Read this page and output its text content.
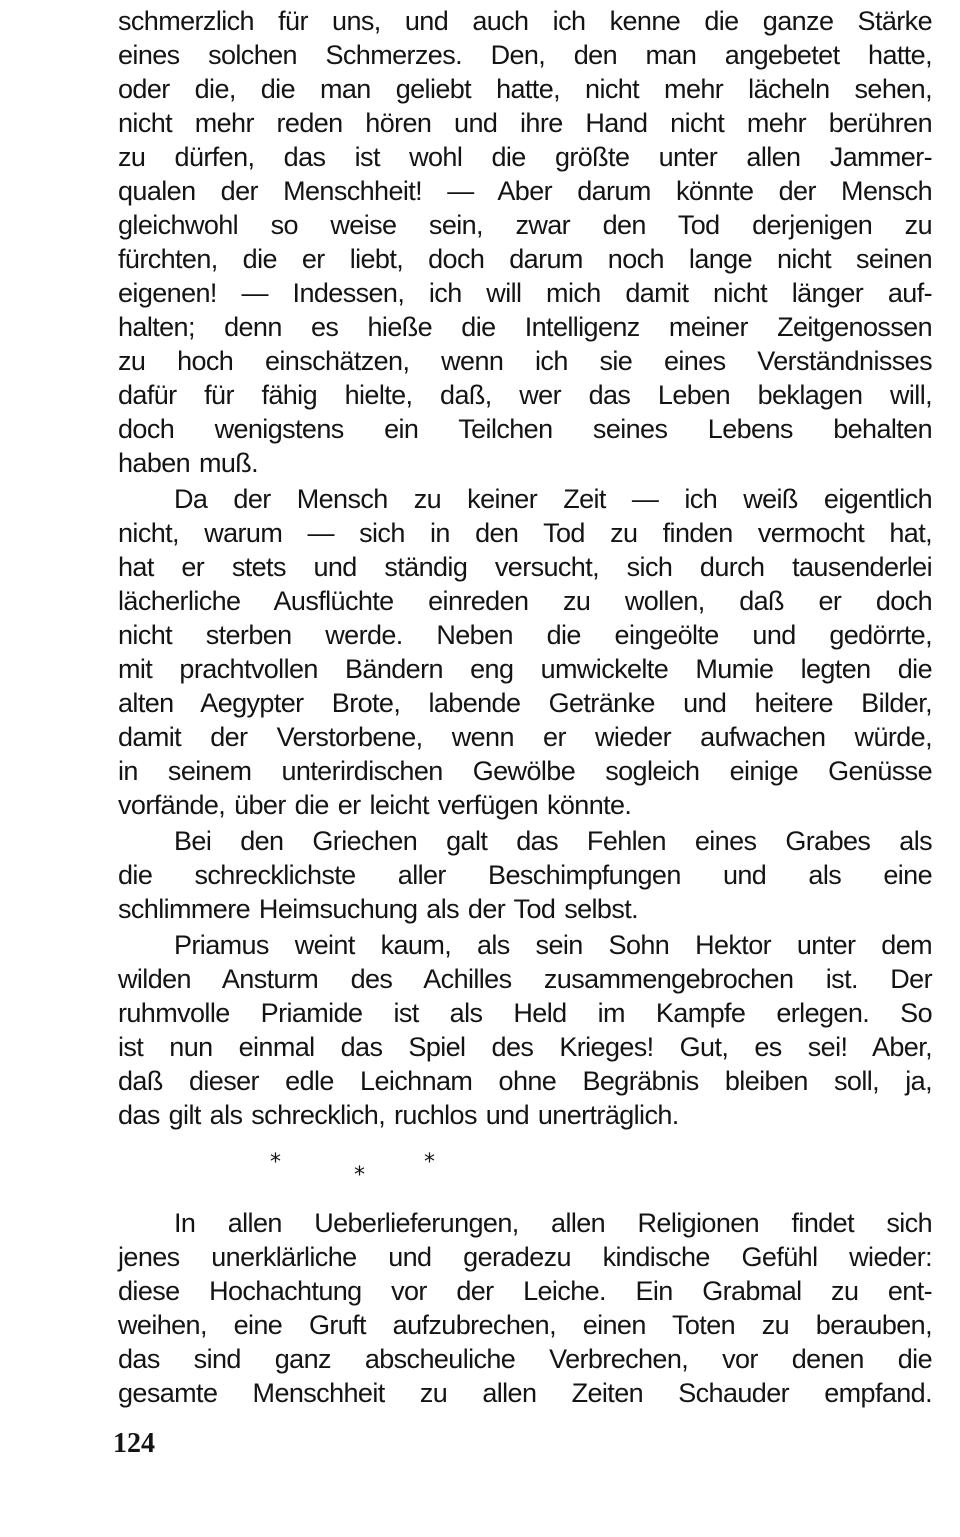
schmerzlich für uns, und auch ich kenne die ganze Stärke
eines solchen Schmerzes. Den, den man angebetet hatte,
oder die, die man geliebt hatte, nicht mehr lächeln sehen,
nicht mehr reden hören und ihre Hand nicht mehr berühren
zu dürfen, das ist wohl die größte unter allen Jammer-
qualen der Menschheit! — Aber darum könnte der Mensch
gleichwohl so weise sein, zwar den Tod derjenigen zu
fürchten, die er liebt, doch darum noch lange nicht seinen
eigenen! — Indessen, ich will mich damit nicht länger auf-
halten; denn es hieße die Intelligenz meiner Zeitgenossen
zu hoch einschätzen, wenn ich sie eines Verständnisses
dafür für fähig hielte, daß, wer das Leben beklagen will,
doch wenigstens ein Teilchen seines Lebens behalten
haben muß.
Da der Mensch zu keiner Zeit — ich weiß eigentlich
nicht, warum — sich in den Tod zu finden vermocht hat,
hat er stets und ständig versucht, sich durch tausenderlei
lächerliche Ausflüchte einreden zu wollen, daß er doch
nicht sterben werde. Neben die eingeölte und gedörrte,
mit prachtvollen Bändern eng umwickelte Mumie legten die
alten Aegypter Brote, labende Getränke und heitere Bilder,
damit der Verstorbene, wenn er wieder aufwachen würde,
in seinem unterirdischen Gewölbe sogleich einige Genüsse
vorfände, über die er leicht verfügen könnte.
Bei den Griechen galt das Fehlen eines Grabes als
die schrecklichste aller Beschimpfungen und als eine
schlimmere Heimsuchung als der Tod selbst.
Priamus weint kaum, als sein Sohn Hektor unter dem
wilden Ansturm des Achilles zusammengebrochen ist. Der
ruhmvolle Priamide ist als Held im Kampfe erlegen. So
ist nun einmal das Spiel des Krieges! Gut, es sei! Aber,
daß dieser edle Leichnam ohne Begräbnis bleiben soll, ja,
das gilt als schrecklich, ruchlos und unerträglich.
*
*
*
In allen Ueberlieferungen, allen Religionen findet sich
jenes unerklärliche und geradezu kindische Gefühl wieder:
diese Hochachtung vor der Leiche. Ein Grabmal zu ent-
weihen, eine Gruft aufzubrechen, einen Toten zu berauben,
das sind ganz abscheuliche Verbrechen, vor denen die
gesamte Menschheit zu allen Zeiten Schauder empfand.
124
